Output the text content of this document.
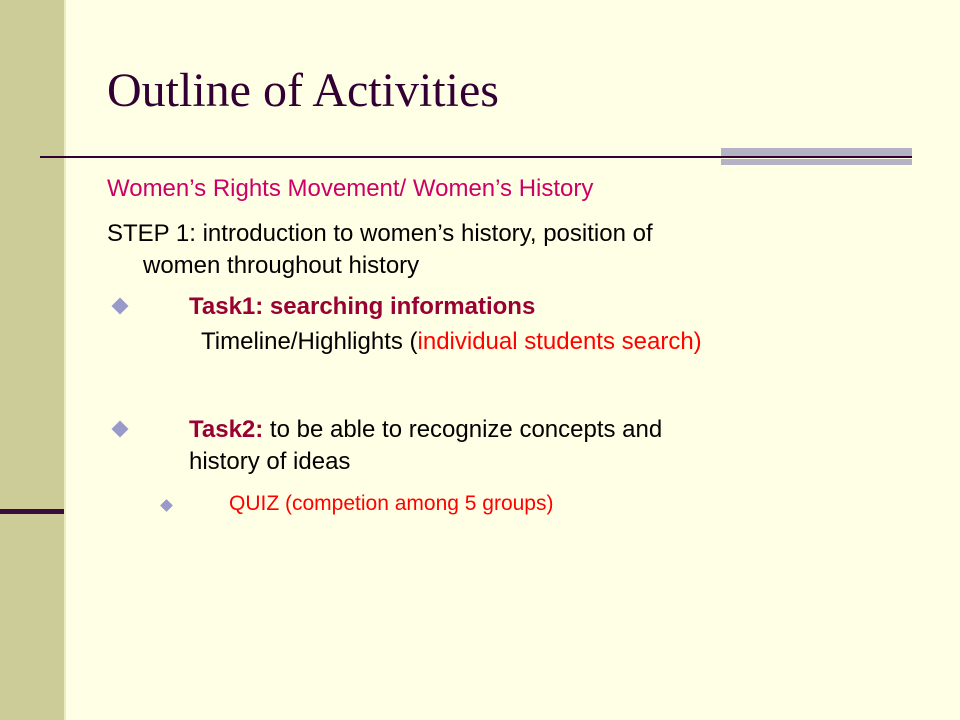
Outline of Activities

Women’s Rights Movement/ Women’s History

STEP 1: introduction to women’s history, position of

women throughout history

Task1: searching informations

Timeline/Highlights (individual students search)

Task2: to be able to recognize concepts and

history of ideas

QUIZ (competion among 5 groups)
